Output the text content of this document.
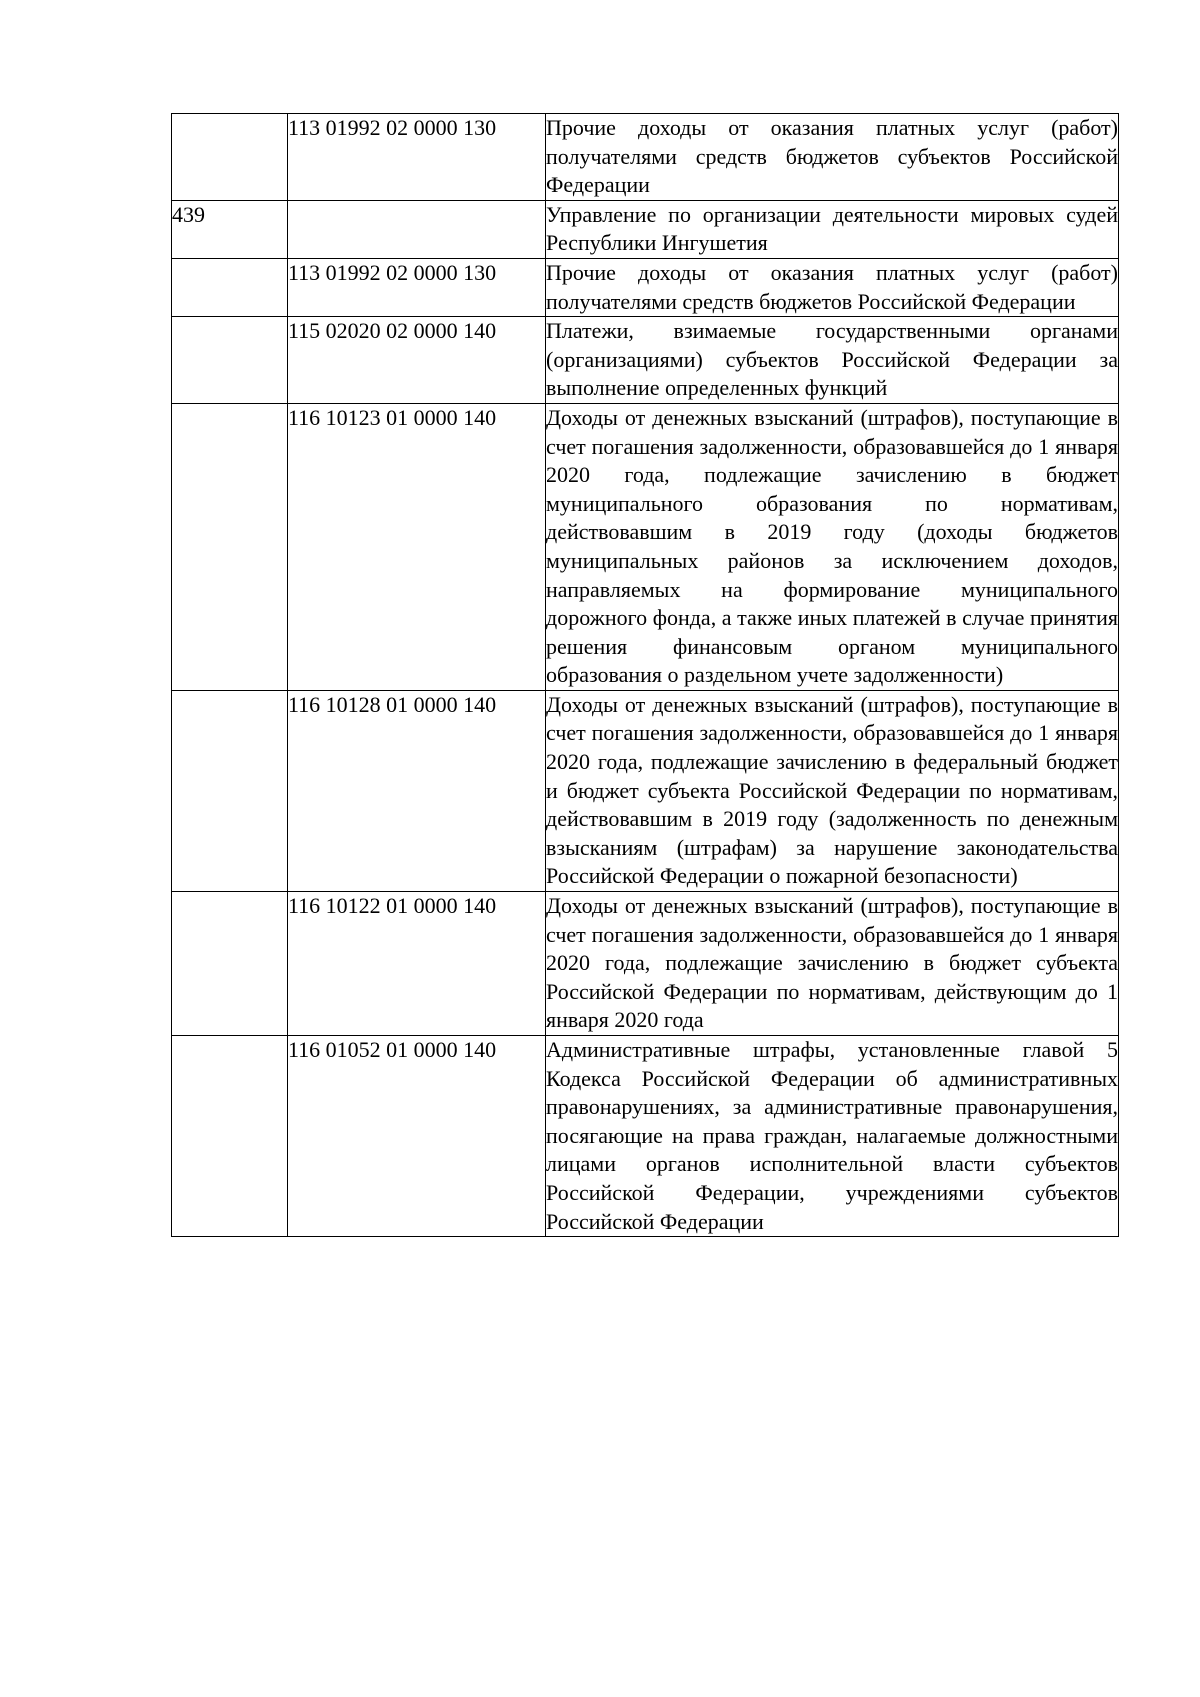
	113 01992 02 0000 130	Прочие доходы от оказания платных услуг (работ) получателями средств бюджетов субъектов Российской Федерации
439		Управление по организации деятельности мировых судей Республики Ингушетия
	113 01992 02 0000 130	Прочие доходы от оказания платных услуг (работ) получателями средств бюджетов Российской Федерации
	115 02020 02 0000 140	Платежи, взимаемые государственными органами (организациями) субъектов Российской Федерации за выполнение определенных функций
	116 10123 01 0000 140	Доходы от денежных взысканий (штрафов), поступающие в счет погашения задолженности, образовавшейся до 1 января 2020 года, подлежащие зачислению в бюджет муниципального образования по нормативам, действовавшим в 2019 году (доходы бюджетов муниципальных районов за исключением доходов, направляемых на формирование муниципального дорожного фонда, а также иных платежей в случае принятия решения финансовым органом муниципального образования о раздельном учете задолженности)
	116 10128 01 0000 140	Доходы от денежных взысканий (штрафов), поступающие в счет погашения задолженности, образовавшейся до 1 января 2020 года, подлежащие зачислению в федеральный бюджет и бюджет субъекта Российской Федерации по нормативам, действовавшим в 2019 году (задолженность по денежным взысканиям (штрафам) за нарушение законодательства Российской Федерации о пожарной безопасности)
	116 10122 01 0000 140	Доходы от денежных взысканий (штрафов), поступающие в счет погашения задолженности, образовавшейся до 1 января 2020 года, подлежащие зачислению в бюджет субъекта Российской Федерации по нормативам, действующим до 1 января 2020 года
	116 01052 01 0000 140	Административные штрафы, установленные главой 5 Кодекса Российской Федерации об административных правонарушениях, за административные правонарушения, посягающие на права граждан, налагаемые должностными лицами органов исполнительной власти субъектов Российской Федерации, учреждениями субъектов Российской Федерации
